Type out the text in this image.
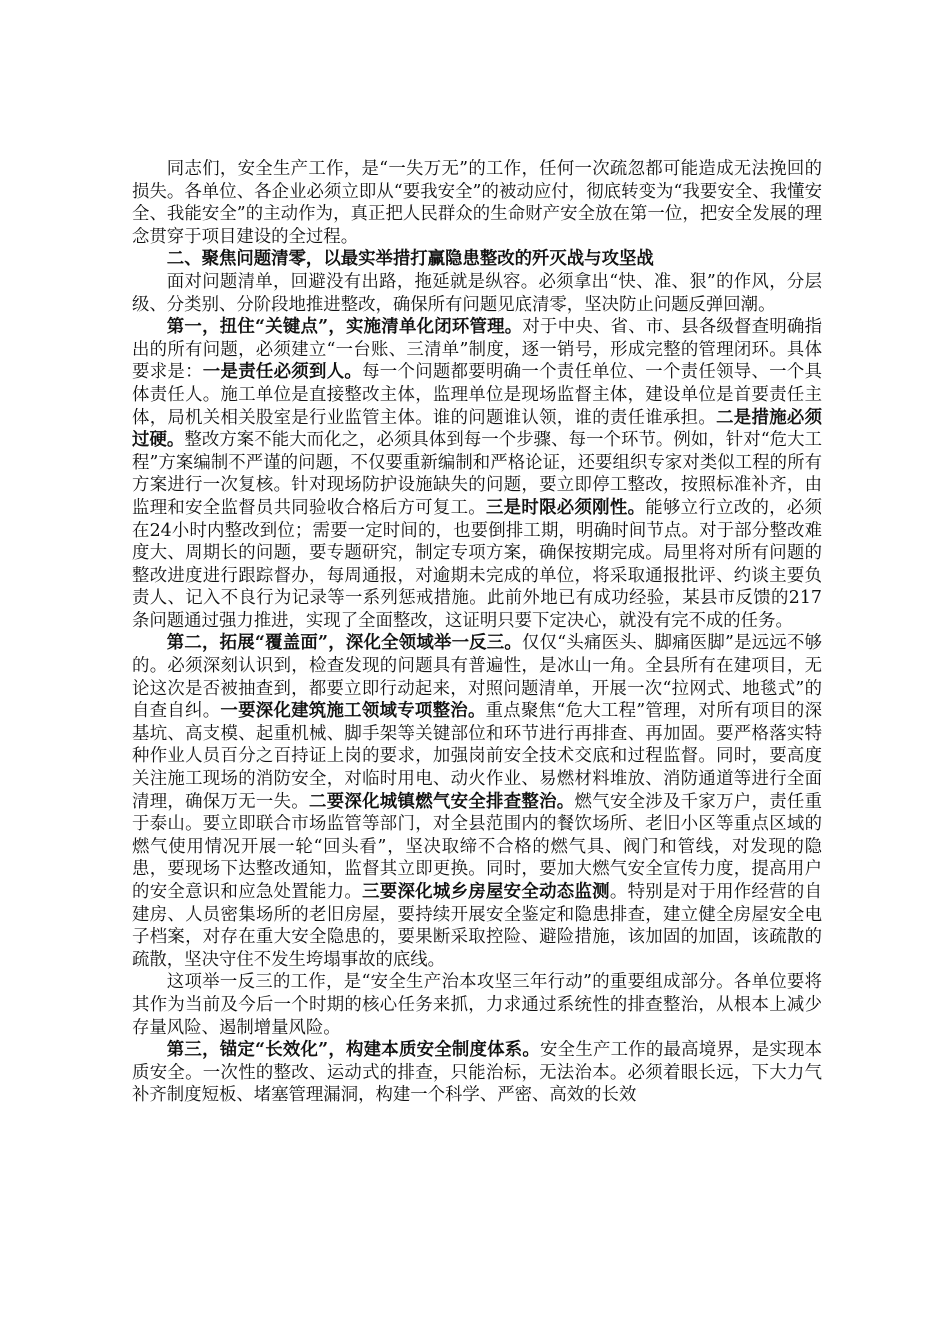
同志们，安全生产工作，是“一失万无”的工作，任何一次疏忽都可能造成无法挽回的损失。各单位、各企业必须立即从“要我安全”的被动应付，彻底转变为“我要安全、我懂安全、我能安全”的主动作为，真正把人民群众的生命财产安全放在第一位，把安全发展的理念贯穿于项目建设的全过程。

二、聚焦问题清零，以最实举措打赢隐患整改的歼灭战与攻坚战

面对问题清单，回避没有出路，拖延就是纵容。必须拿出“快、准、狠”的作风，分层级、分类别、分阶段地推进整改，确保所有问题见底清零，坚决防止问题反弹回潮。

第一，扭住“关键点”，实施清单化闭环管理。对于中央、省、市、县各级督查明确指出的所有问题，必须建立“一台账、三清单”制度，逐一销号，形成完整的管理闭环。具体要求是：一是责任必须到人。每一个问题都要明确一个责任单位、一个责任领导、一个具体责任人。施工单位是直接整改主体，监理单位是现场监督主体，建设单位是首要责任主体，局机关相关股室是行业监管主体。谁的问题谁认领，谁的责任谁承担。二是措施必须过硬。整改方案不能大而化之，必须具体到每一个步骤、每一个环节。例如，针对“危大工程”方案编制不严谨的问题，不仅要重新编制和严格论证，还要组织专家对类似工程的所有方案进行一次复核。针对现场防护设施缺失的问题，要立即停工整改，按照标准补齐，由监理和安全监督员共同验收合格后方可复工。三是时限必须刚性。能够立行立改的，必须在24小时内整改到位；需要一定时间的，也要倒排工期，明确时间节点。对于部分整改难度大、周期长的问题，要专题研究，制定专项方案，确保按期完成。局里将对所有问题的整改进度进行跟踪督办，每周通报，对逾期未完成的单位，将采取通报批评、约谈主要负责人、记入不良行为记录等一系列惩戒措施。此前外地已有成功经验，某县市反馈的217条问题通过强力推进，实现了全面整改，这证明只要下定决心，就没有完不成的任务。

第二，拓展“覆盖面”，深化全领域举一反三。仅仅“头痛医头、脚痛医脚”是远远不够的。必须深刻认识到，检查发现的问题具有普遍性，是冰山一角。全县所有在建项目，无论这次是否被抽查到，都要立即行动起来，对照问题清单，开展一次“拉网式、地毯式”的自查自纠。一要深化建筑施工领域专项整治。重点聚焦“危大工程”管理，对所有项目的深基坑、高支模、起重机械、脚手架等关键部位和环节进行再排查、再加固。要严格落实特种作业人员百分之百持证上岗的要求，加强岗前安全技术交底和过程监督。同时，要高度关注施工现场的消防安全，对临时用电、动火作业、易燃材料堆放、消防通道等进行全面清理，确保万无一失。二要深化城镇燃气安全排查整治。燃气安全涉及千家万户，责任重于泰山。要立即联合市场监管等部门，对全县范围内的餐饮场所、老旧小区等重点区域的燃气使用情况开展一轮“回头看”，坚决取缔不合格的燃气具、阀门和管线，对发现的隐患，要现场下达整改通知，监督其立即更换。同时，要加大燃气安全宣传力度，提高用户的安全意识和应急处置能力。三要深化城乡房屋安全动态监测。特别是对于用作经营的自建房、人员密集场所的老旧房屋，要持续开展安全鉴定和隐患排查，建立健全房屋安全电子档案，对存在重大安全隐患的，要果断采取控险、避险措施，该加固的加固，该疏散的疏散，坚决守住不发生垮塌事故的底线。

这项举一反三的工作，是“安全生产治本攻坚三年行动”的重要组成部分。各单位要将其作为当前及今后一个时期的核心任务来抓，力求通过系统性的排查整治，从根本上减少存量风险、遏制增量风险。

第三，锚定“长效化”，构建本质安全制度体系。安全生产工作的最高境界，是实现本质安全。一次性的整改、运动式的排查，只能治标，无法治本。必须着眼长远，下大力气补齐制度短板、堵塞管理漏洞，构建一个科学、严密、高效的长效
